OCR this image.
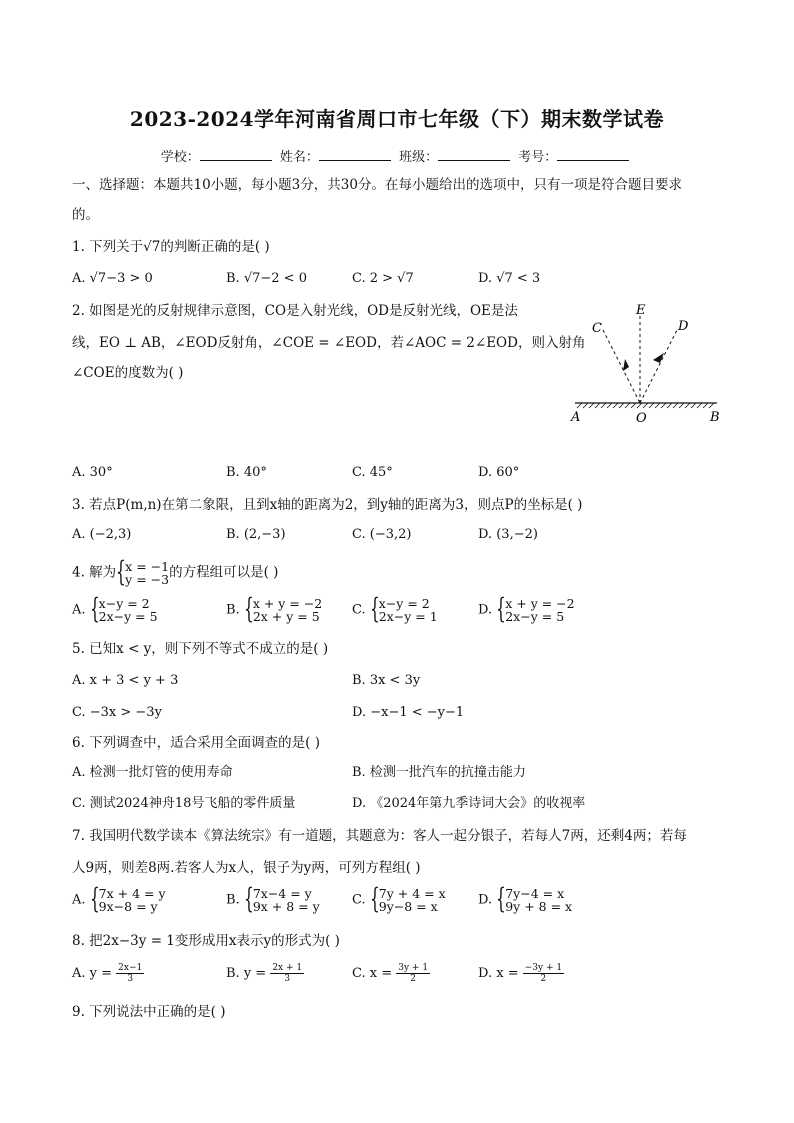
2023-2024学年河南省周口市七年级（下）期末数学试卷
学校：	姓名：	班级：	考号：
一、选择题：本题共10小题，每小题3分，共30分。在每小题给出的选项中，只有一项是符合题目要求
的。
1. 下列关于√7的判断正确的是( )
A. √7−3 > 0	B. √7−2 < 0	C. 2 > √7	D. √7 < 3
2. 如图是光的反射规律示意图，CO是入射光线，OD是反射光线，OE是法
线，EO ⊥ AB，∠EOD反射角，∠COE = ∠EOD，若∠AOC = 2∠EOD，则入射角
∠COE的度数为( )
C
E
D
A	O	B
A. 30°	B. 40°	C. 45°	D. 60°
3. 若点P(m,n)在第二象限，且到x轴的距离为2，到y轴的距离为3，则点P的坐标是( )
A. (−2,3)	B. (2,−3)	C. (−3,2)	D. (3,−2)
4. 解为 { x = −1
y = −3 的方程组可以是( )
A. { x−y = 2
2x−y = 5	B. { x + y = −2
2x + y = 5 C. { x−y = 2
2x−y = 1	D. { x + y = −2
2x−y = 5
5. 已知x < y，则下列不等式不成立的是( )
A. x + 3 < y + 3	B. 3x < 3y
C. −3x > −3y	D. −x−1 < −y−1
6. 下列调查中，适合采用全面调查的是( )
A. 检测一批灯管的使用寿命	B. 检测一批汽车的抗撞击能力
C. 测试2024神舟18号飞船的零件质量	D. 《2024年第九季诗词大会》的收视率
7. 我国明代数学读本《算法统宗》有一道题，其题意为：客人一起分银子，若每人7两，还剩4两；若每
人9两，则差8两.若客人为x人，银子为y两，可列方程组( )
A. { 7x + 4 = y
9x−8 = y	B. { 7x−4 = y
9x + 8 = y C. { 7y + 4 = x
9y−8 = x	D. { 7y−4 = x
9y + 8 = x
8. 把2x−3y = 1变形成用x表示y的形式为( )
A. $y = \frac{2x-1}{3}$	B. $y = \frac{2x + 1}{3}$	C. $x = \frac{3y + 1}{2}$	D. $x = \frac{-3y + 1}{2}$
9. 下列说法中正确的是( )
